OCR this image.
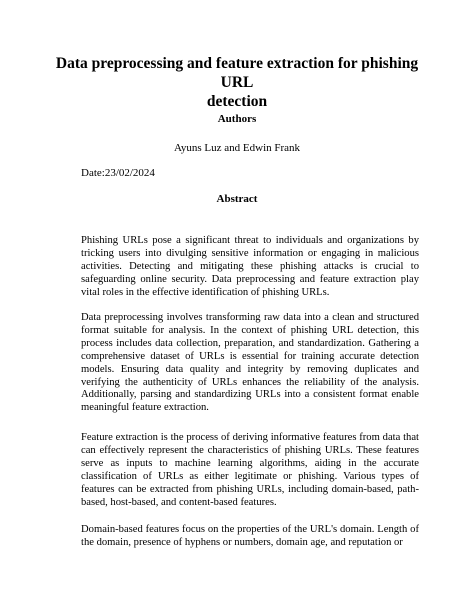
Data preprocessing and feature extraction for phishing URL
detection
Authors
Ayuns Luz and Edwin Frank
Date:23/02/2024
Abstract

Phishing URLs pose a significant threat to individuals and organizations by tricking users into divulging sensitive information or engaging in malicious activities. Detecting and mitigating these phishing attacks is crucial to safeguarding online security. Data preprocessing and feature extraction play vital roles in the effective identification of phishing URLs.

Data preprocessing involves transforming raw data into a clean and structured format suitable for analysis. In the context of phishing URL detection, this process includes data collection, preparation, and standardization. Gathering a comprehensive dataset of URLs is essential for training accurate detection models. Ensuring data quality and integrity by removing duplicates and verifying the authenticity of URLs enhances the reliability of the analysis. Additionally, parsing and standardizing URLs into a consistent format enable meaningful feature extraction.

Feature extraction is the process of deriving informative features from data that can effectively represent the characteristics of phishing URLs. These features serve as inputs to machine learning algorithms, aiding in the accurate classification of URLs as either legitimate or phishing. Various types of features can be extracted from phishing URLs, including domain-based, path-based, host-based, and content-based features.

Domain-based features focus on the properties of the URL's domain. Length of the domain, presence of hyphens or numbers, domain age, and reputation or
